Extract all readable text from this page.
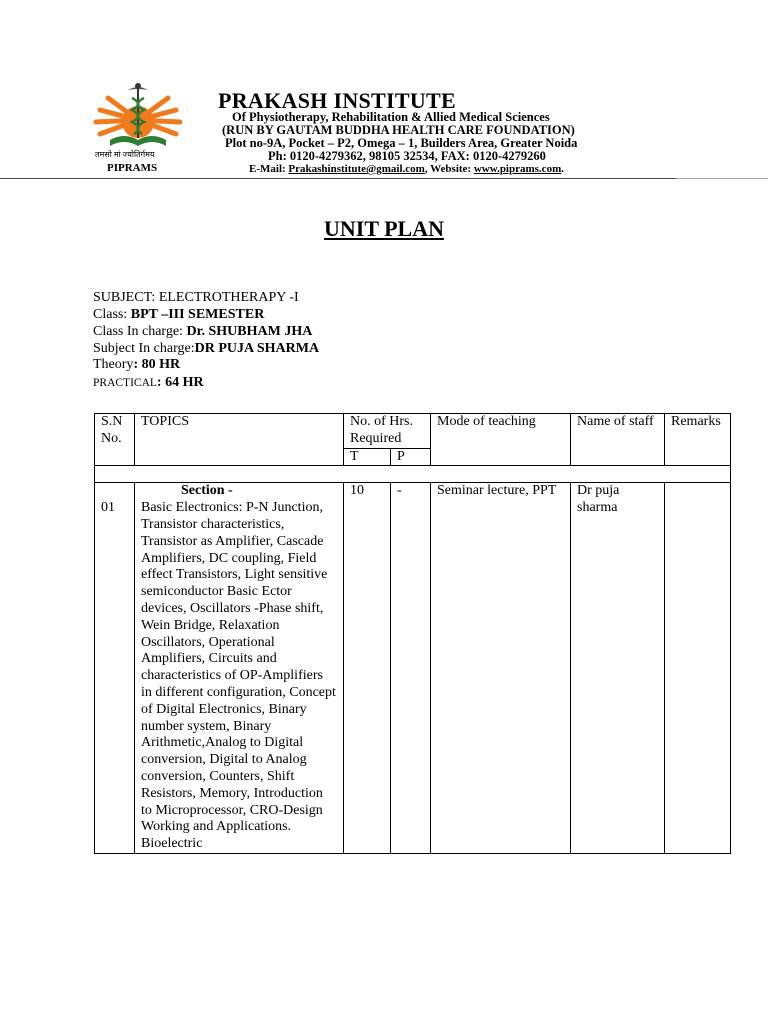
तमसो मां ज्योतिर्गमय
PIPRAMS
PRAKASH INSTITUTE
Of Physiotherapy, Rehabilitation & Allied Medical Sciences
(RUN BY GAUTAM BUDDHA HEALTH CARE FOUNDATION)
Plot no-9A, Pocket – P2, Omega – 1, Builders Area, Greater Noida
Ph: 0120-4279362, 98105 32534, FAX: 0120-4279260
E-Mail: Prakashinstitute@gmail.com, Website: www.piprams.com.
UNIT PLAN
SUBJECT: ELECTROTHERAPY -I
Class: BPT –III SEMESTER
Class In charge: Dr. SHUBHAM JHA
Subject In charge:DR PUJA SHARMA
Theory: 80 HR
PRACTICAL: 64 HR
S.N No.	TOPICS	No. of Hrs. Required		Mode of teaching	Name of staff	Remarks
		T	P			

01	Section -
Basic Electronics: P-N Junction, Transistor characteristics, Transistor as Amplifier, Cascade Amplifiers, DC coupling, Field effect Transistors, Light sensitive semiconductor Basic Ector devices, Oscillators -Phase shift, Wein Bridge, Relaxation Oscillators, Operational Amplifiers, Circuits and characteristics of OP-Amplifiers in different configuration, Concept of Digital Electronics, Binary number system, Binary Arithmetic,Analog to Digital conversion, Digital to Analog conversion, Counters, Shift Resistors, Memory, Introduction to Microprocessor, CRO-Design Working and Applications. Bioelectric	10	-	Seminar lecture, PPT	Dr puja sharma	
